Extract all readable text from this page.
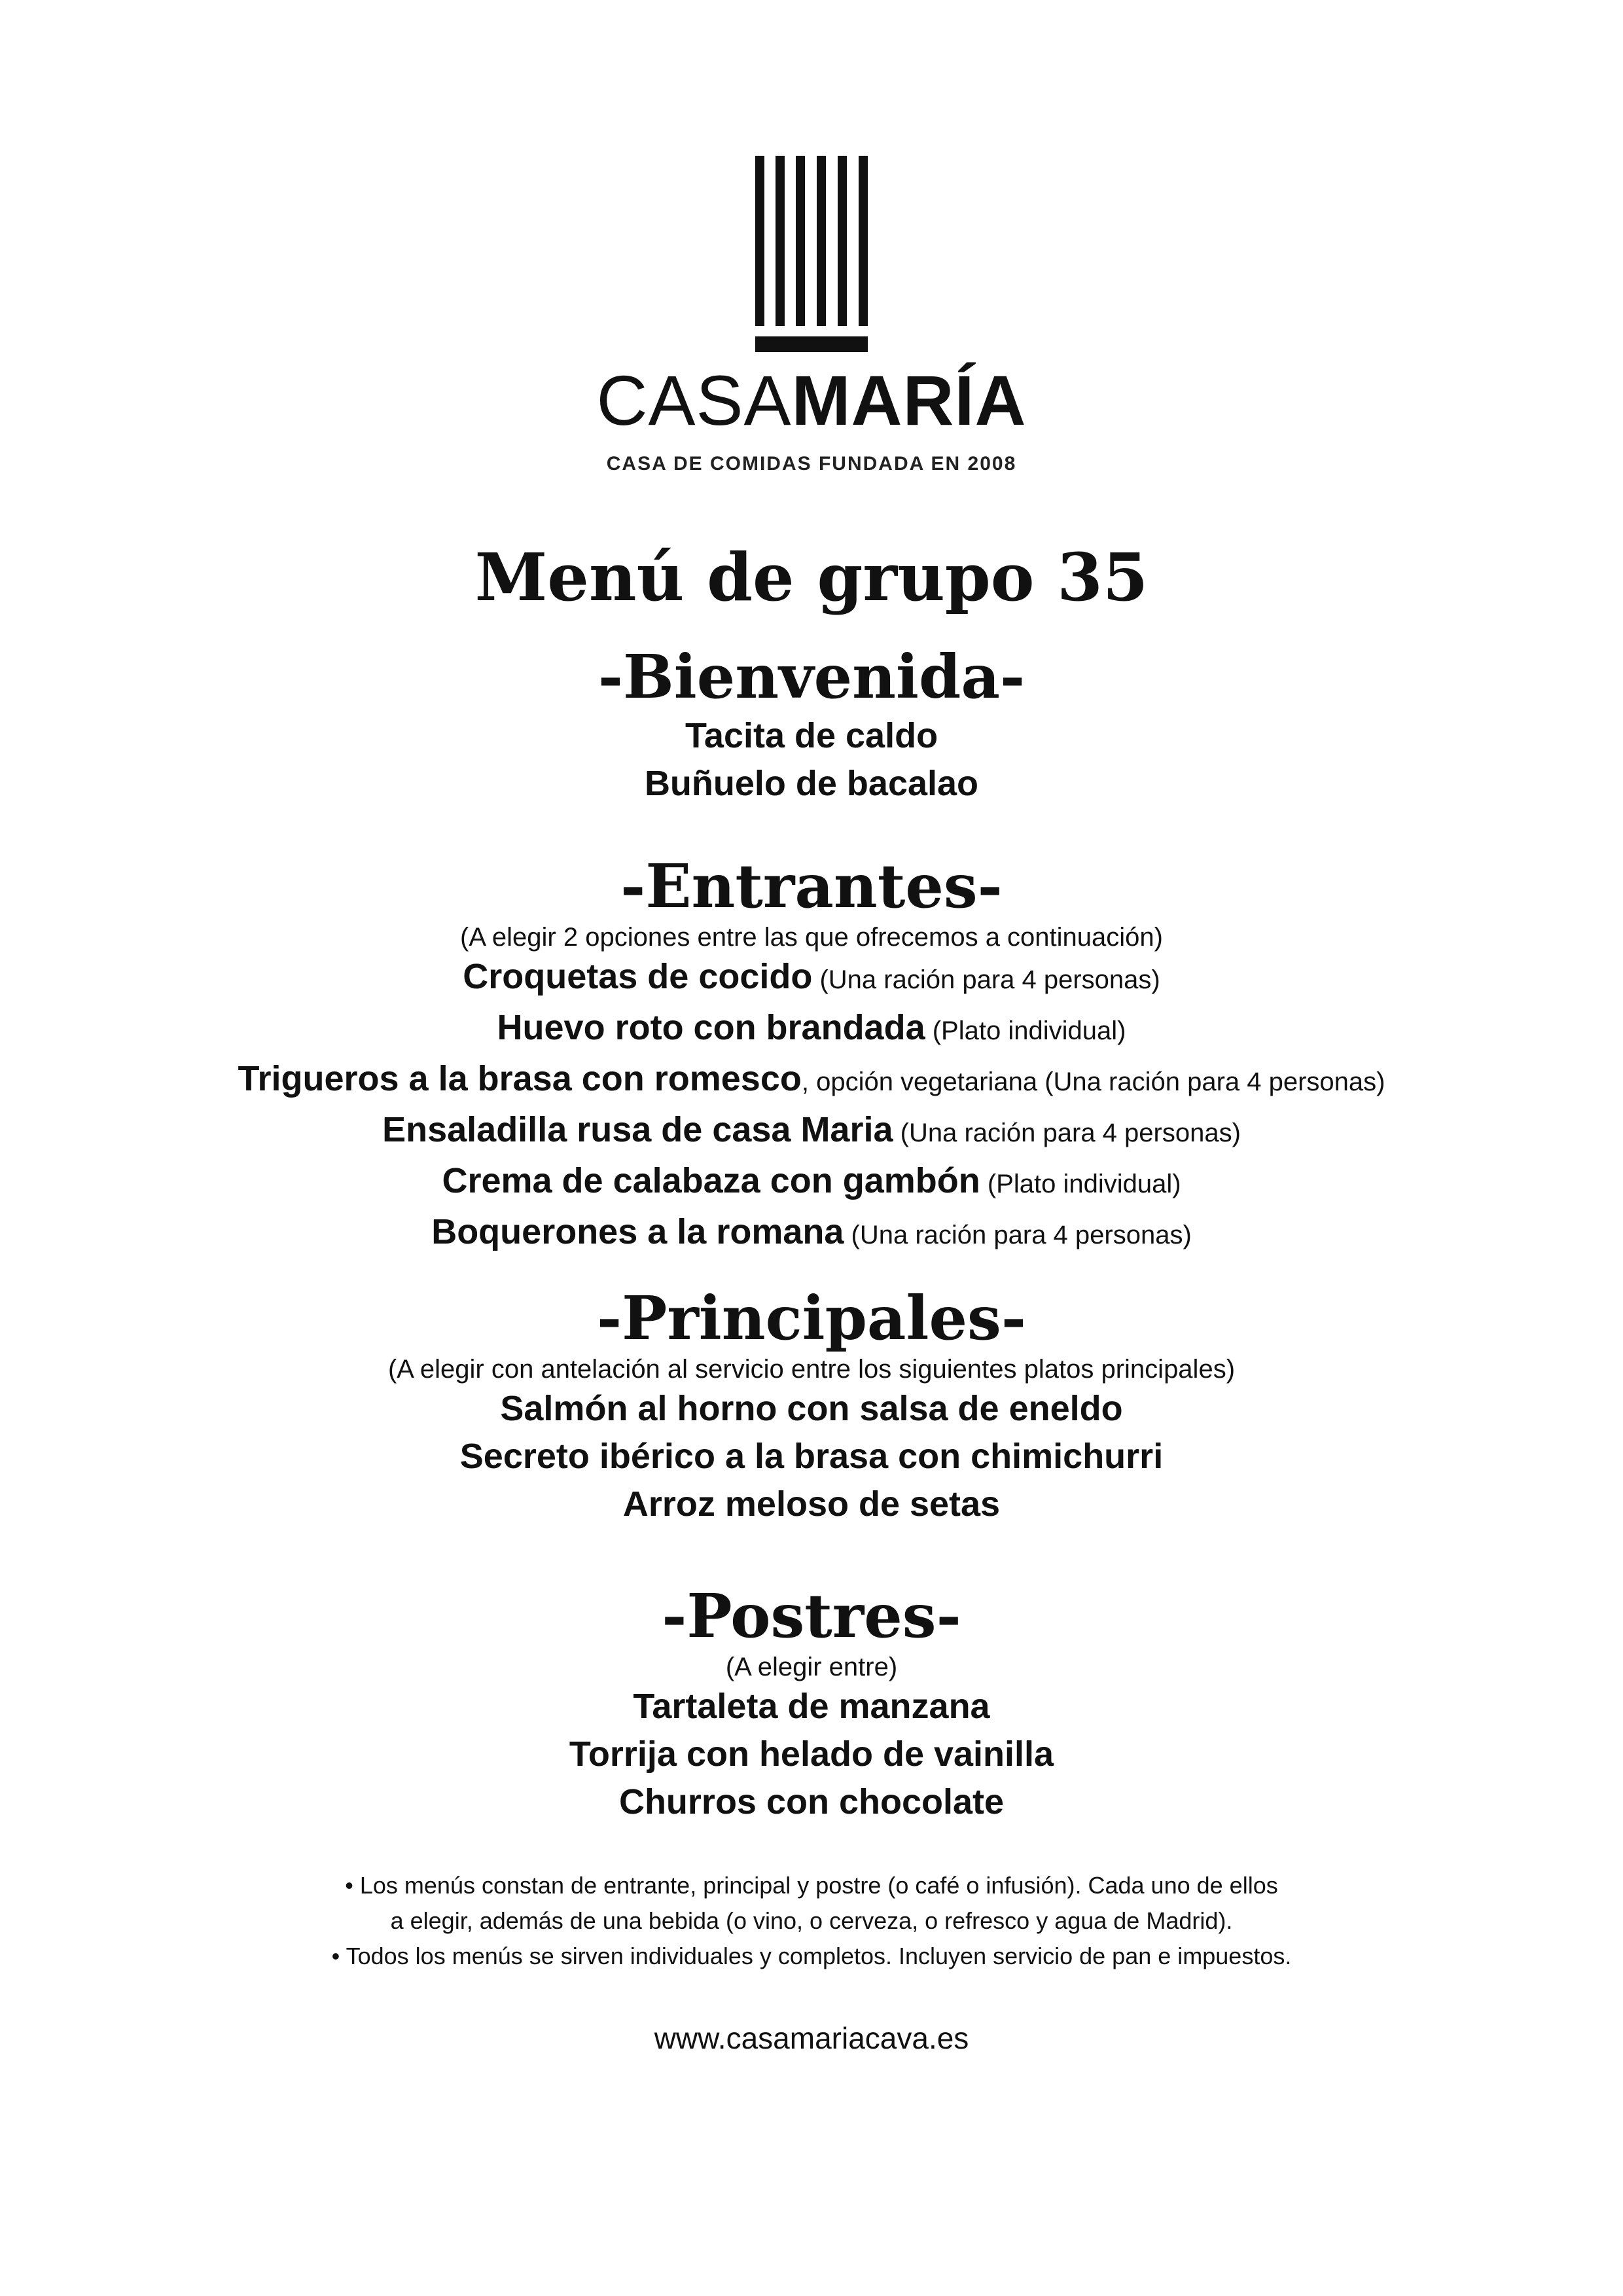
CASAMARÍA
CASA DE COMIDAS FUNDADA EN 2008
Menú de grupo 35
-Bienvenida-
Tacita de caldo
Buñuelo de bacalao
-Entrantes-
(A elegir 2 opciones entre las que ofrecemos a continuación)
Croquetas de cocido (Una ración para 4 personas)
Huevo roto con brandada (Plato individual)
Trigueros a la brasa con romesco, opción vegetariana (Una ración para 4 personas)
Ensaladilla rusa de casa Maria (Una ración para 4 personas)
Crema de calabaza con gambón (Plato individual)
Boquerones a la romana (Una ración para 4 personas)
-Principales-
(A elegir con antelación al servicio entre los siguientes platos principales)
Salmón al horno con salsa de eneldo
Secreto ibérico a la brasa con chimichurri
Arroz meloso de setas
-Postres-
(A elegir entre)
Tartaleta de manzana
Torrija con helado de vainilla
Churros con chocolate
• Los menús constan de entrante, principal y postre (o café o infusión). Cada uno de ellos
a elegir, además de una bebida (o vino, o cerveza, o refresco y agua de Madrid).
• Todos los menús se sirven individuales y completos. Incluyen servicio de pan e impuestos.
www.casamariacava.es
